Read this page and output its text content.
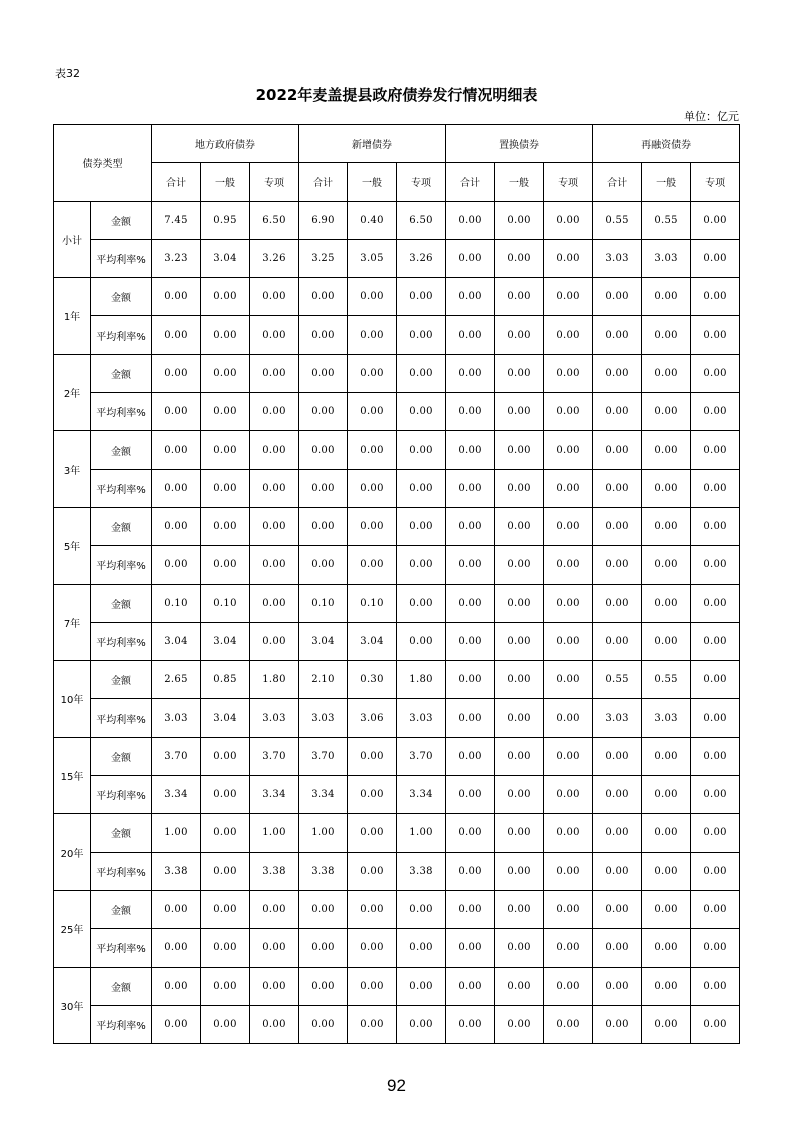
表32
2022年麦盖提县政府债券发行情况明细表
单位：亿元
债券类型		地方政府债券			新增债券			置换债券			再融资债券		
		合计	一般	专项	合计	一般	专项	合计	一般	专项	合计	一般	专项
小计	金额	7.45	0.95	6.50	6.90	0.40	6.50	0.00	0.00	0.00	0.55	0.55	0.00
	平均利率%	3.23	3.04	3.26	3.25	3.05	3.26	0.00	0.00	0.00	3.03	3.03	0.00
1年	金额	0.00	0.00	0.00	0.00	0.00	0.00	0.00	0.00	0.00	0.00	0.00	0.00
	平均利率%	0.00	0.00	0.00	0.00	0.00	0.00	0.00	0.00	0.00	0.00	0.00	0.00
2年	金额	0.00	0.00	0.00	0.00	0.00	0.00	0.00	0.00	0.00	0.00	0.00	0.00
	平均利率%	0.00	0.00	0.00	0.00	0.00	0.00	0.00	0.00	0.00	0.00	0.00	0.00
3年	金额	0.00	0.00	0.00	0.00	0.00	0.00	0.00	0.00	0.00	0.00	0.00	0.00
	平均利率%	0.00	0.00	0.00	0.00	0.00	0.00	0.00	0.00	0.00	0.00	0.00	0.00
5年	金额	0.00	0.00	0.00	0.00	0.00	0.00	0.00	0.00	0.00	0.00	0.00	0.00
	平均利率%	0.00	0.00	0.00	0.00	0.00	0.00	0.00	0.00	0.00	0.00	0.00	0.00
7年	金额	0.10	0.10	0.00	0.10	0.10	0.00	0.00	0.00	0.00	0.00	0.00	0.00
	平均利率%	3.04	3.04	0.00	3.04	3.04	0.00	0.00	0.00	0.00	0.00	0.00	0.00
10年	金额	2.65	0.85	1.80	2.10	0.30	1.80	0.00	0.00	0.00	0.55	0.55	0.00
	平均利率%	3.03	3.04	3.03	3.03	3.06	3.03	0.00	0.00	0.00	3.03	3.03	0.00
15年	金额	3.70	0.00	3.70	3.70	0.00	3.70	0.00	0.00	0.00	0.00	0.00	0.00
	平均利率%	3.34	0.00	3.34	3.34	0.00	3.34	0.00	0.00	0.00	0.00	0.00	0.00
20年	金额	1.00	0.00	1.00	1.00	0.00	1.00	0.00	0.00	0.00	0.00	0.00	0.00
	平均利率%	3.38	0.00	3.38	3.38	0.00	3.38	0.00	0.00	0.00	0.00	0.00	0.00
25年	金额	0.00	0.00	0.00	0.00	0.00	0.00	0.00	0.00	0.00	0.00	0.00	0.00
	平均利率%	0.00	0.00	0.00	0.00	0.00	0.00	0.00	0.00	0.00	0.00	0.00	0.00
30年	金额	0.00	0.00	0.00	0.00	0.00	0.00	0.00	0.00	0.00	0.00	0.00	0.00
	平均利率%	0.00	0.00	0.00	0.00	0.00	0.00	0.00	0.00	0.00	0.00	0.00	0.00
92
